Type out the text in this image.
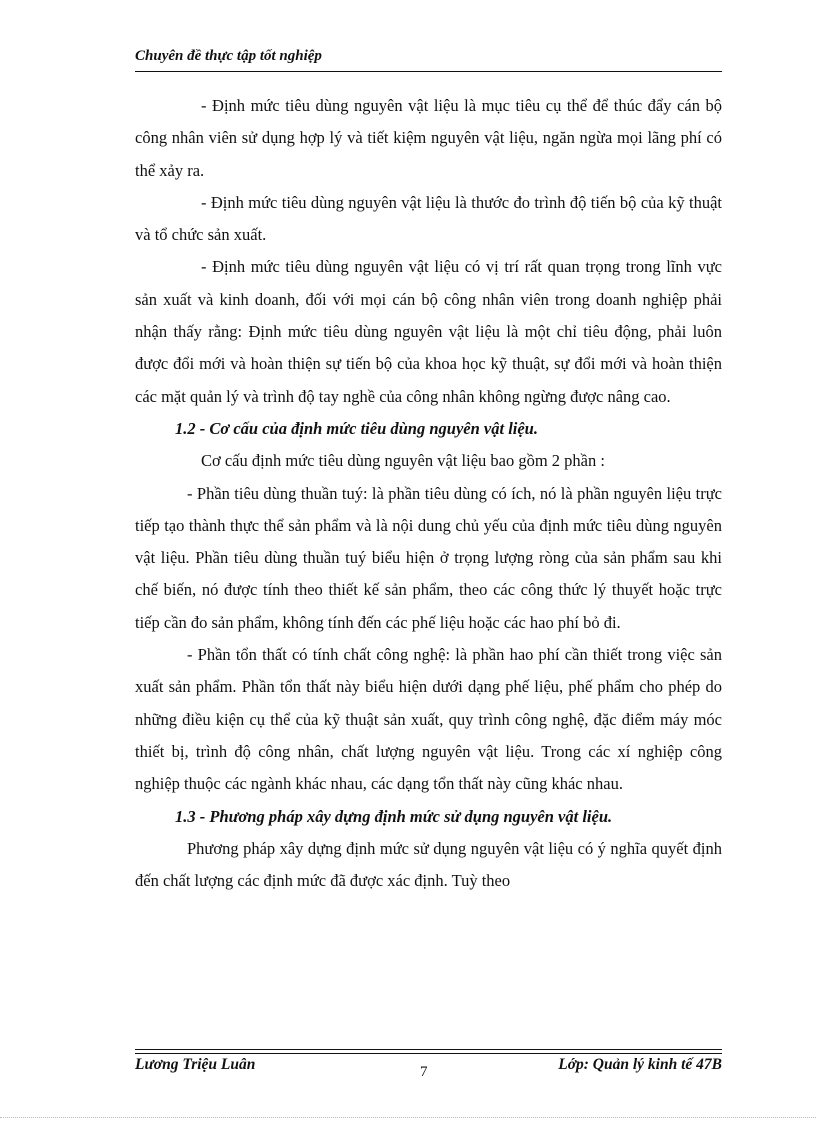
Chuyên đề thực tập tốt nghiệp

- Định mức tiêu dùng nguyên vật liệu là mục tiêu cụ thể để thúc đẩy cán bộ công nhân viên sử dụng hợp lý và tiết kiệm nguyên vật liệu, ngăn ngừa mọi lãng phí có thể xảy ra.

- Định mức tiêu dùng nguyên vật liệu là thước đo trình độ tiến bộ của kỹ thuật và tổ chức sản xuất.

- Định mức tiêu dùng nguyên vật liệu có vị trí rất quan trọng trong lĩnh vực sản xuất và kinh doanh, đối với mọi cán bộ công nhân viên trong doanh nghiệp phải nhận thấy rằng: Định mức tiêu dùng nguyên vật liệu là một chỉ tiêu động, phải luôn được đổi mới và hoàn thiện sự tiến bộ của khoa học kỹ thuật, sự đổi mới và hoàn thiện các mặt quản lý và trình độ tay nghề của công nhân không ngừng được nâng cao.

1.2 - Cơ cấu của định mức tiêu dùng nguyên vật liệu.

Cơ cấu định mức tiêu dùng nguyên vật liệu bao gồm 2 phần :

- Phần tiêu dùng thuần tuý: là phần tiêu dùng có ích, nó là phần nguyên liệu trực tiếp tạo thành thực thể sản phẩm và là nội dung chủ yếu của định mức tiêu dùng nguyên vật liệu. Phần tiêu dùng thuần tuý biểu hiện ở trọng lượng ròng của sản phẩm sau khi chế biến, nó được tính theo thiết kế sản phẩm, theo các công thức lý thuyết hoặc trực tiếp cần đo sản phẩm, không tính đến các phế liệu hoặc các hao phí bỏ đi.

- Phần tổn thất có tính chất công nghệ: là phần hao phí cần thiết trong việc sản xuất sản phẩm. Phần tổn thất này biểu hiện dưới dạng phế liệu, phế phẩm cho phép do những điều kiện cụ thể của kỹ thuật sản xuất, quy trình công nghệ, đặc điểm máy móc thiết bị, trình độ công nhân, chất lượng nguyên vật liệu. Trong các xí nghiệp công nghiệp thuộc các ngành khác nhau, các dạng tổn thất này cũng khác nhau.

1.3 - Phương pháp xây dựng định mức sử dụng nguyên vật liệu.

Phương pháp xây dựng định mức sử dụng nguyên vật liệu có ý nghĩa quyết định đến chất lượng các định mức đã được xác định. Tuỳ theo

Lương Triệu Luân	7	Lớp: Quản lý kinh tế 47B
